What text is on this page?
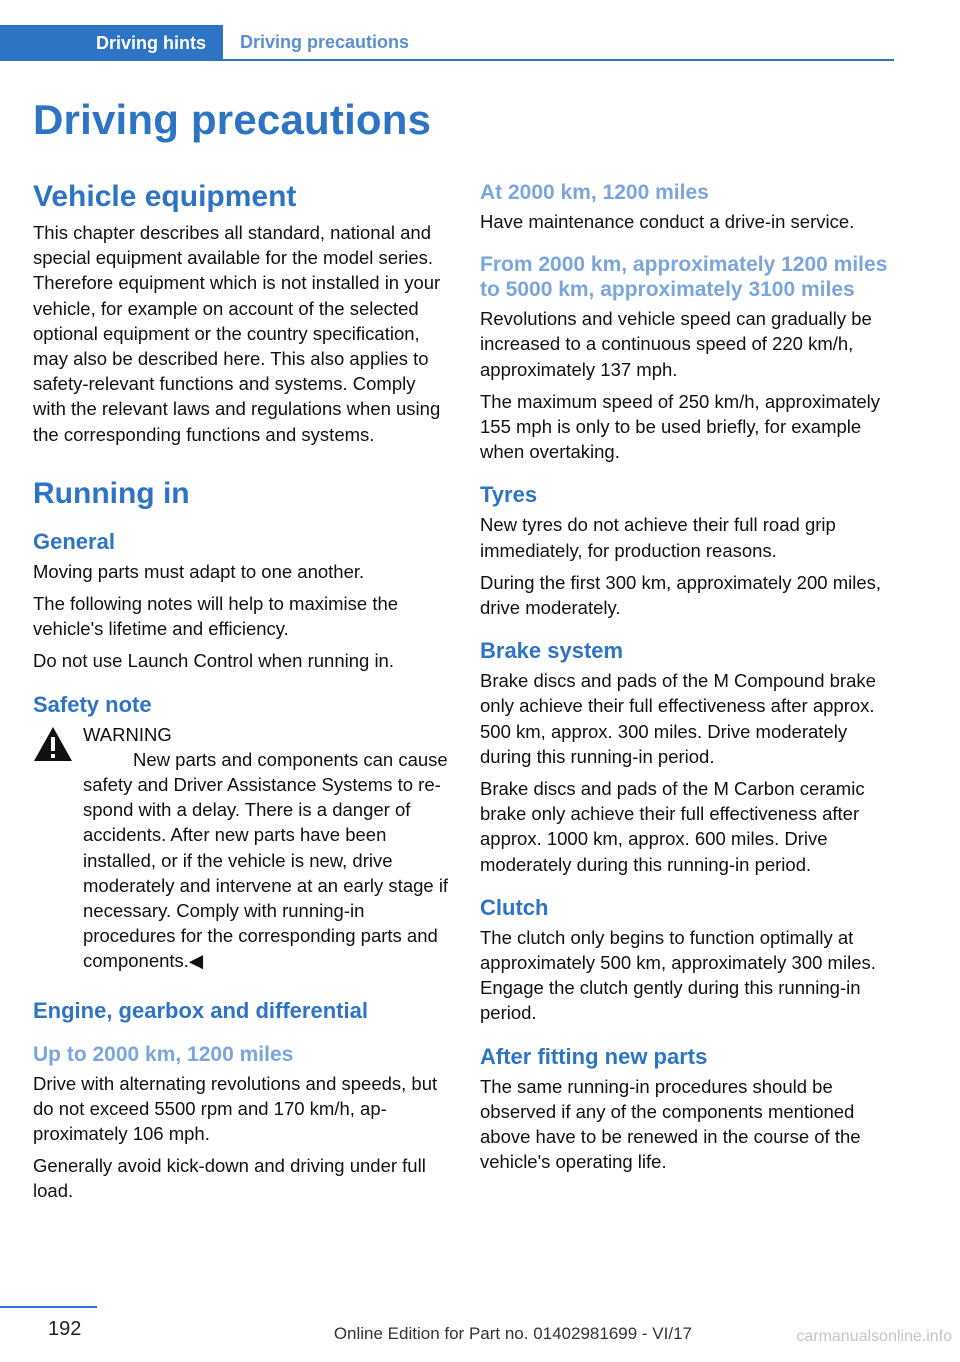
Driving hints	Driving precautions
Driving precautions
Vehicle equipment

This chapter describes all standard, national and special equipment available for the model series. Therefore equipment which is not installed in your vehicle, for example on account of the selected optional equipment or the country specification, may also be described here. This also applies to safety-relevant functions and systems. Comply with the relevant laws and regulations when using the corresponding functions and systems.

Running in
General

Moving parts must adapt to one another.

The following notes will help to maximise the vehicle's lifetime and efficiency.

Do not use Launch Control when running in.

Safety note

WARNING

New parts and components can cause safety and Driver Assistance Systems to respond with a delay. There is a danger of accidents. After new parts have been installed, or if the vehicle is new, drive moderately and intervene at an early stage if necessary. Comply with running-in procedures for the corresponding parts and components.◀

Engine, gearbox and differential
Up to 2000 km, 1200 miles

Drive with alternating revolutions and speeds, but do not exceed 5500 rpm and 170 km/h, approximately 106 mph.

Generally avoid kick-down and driving under full load.

At 2000 km, 1200 miles

Have maintenance conduct a drive-in service.

From 2000 km, approximately 1200 miles to 5000 km, approximately 3100 miles

Revolutions and vehicle speed can gradually be increased to a continuous speed of 220 km/h, approximately 137 mph.

The maximum speed of 250 km/h, approximately 155 mph is only to be used briefly, for example when overtaking.

Tyres

New tyres do not achieve their full road grip immediately, for production reasons.

During the first 300 km, approximately 200 miles, drive moderately.

Brake system

Brake discs and pads of the M Compound brake only achieve their full effectiveness after approx. 500 km, approx. 300 miles. Drive moderately during this running-in period.

Brake discs and pads of the M Carbon ceramic brake only achieve their full effectiveness after approx. 1000 km, approx. 600 miles. Drive moderately during this running-in period.

Clutch

The clutch only begins to function optimally at approximately 500 km, approximately 300 miles. Engage the clutch gently during this running-in period.

After fitting new parts

The same running-in procedures should be observed if any of the components mentioned above have to be renewed in the course of the vehicle's operating life.

192	Online Edition for Part no. 01402981699 - VI/17	carmanualsonline.info
